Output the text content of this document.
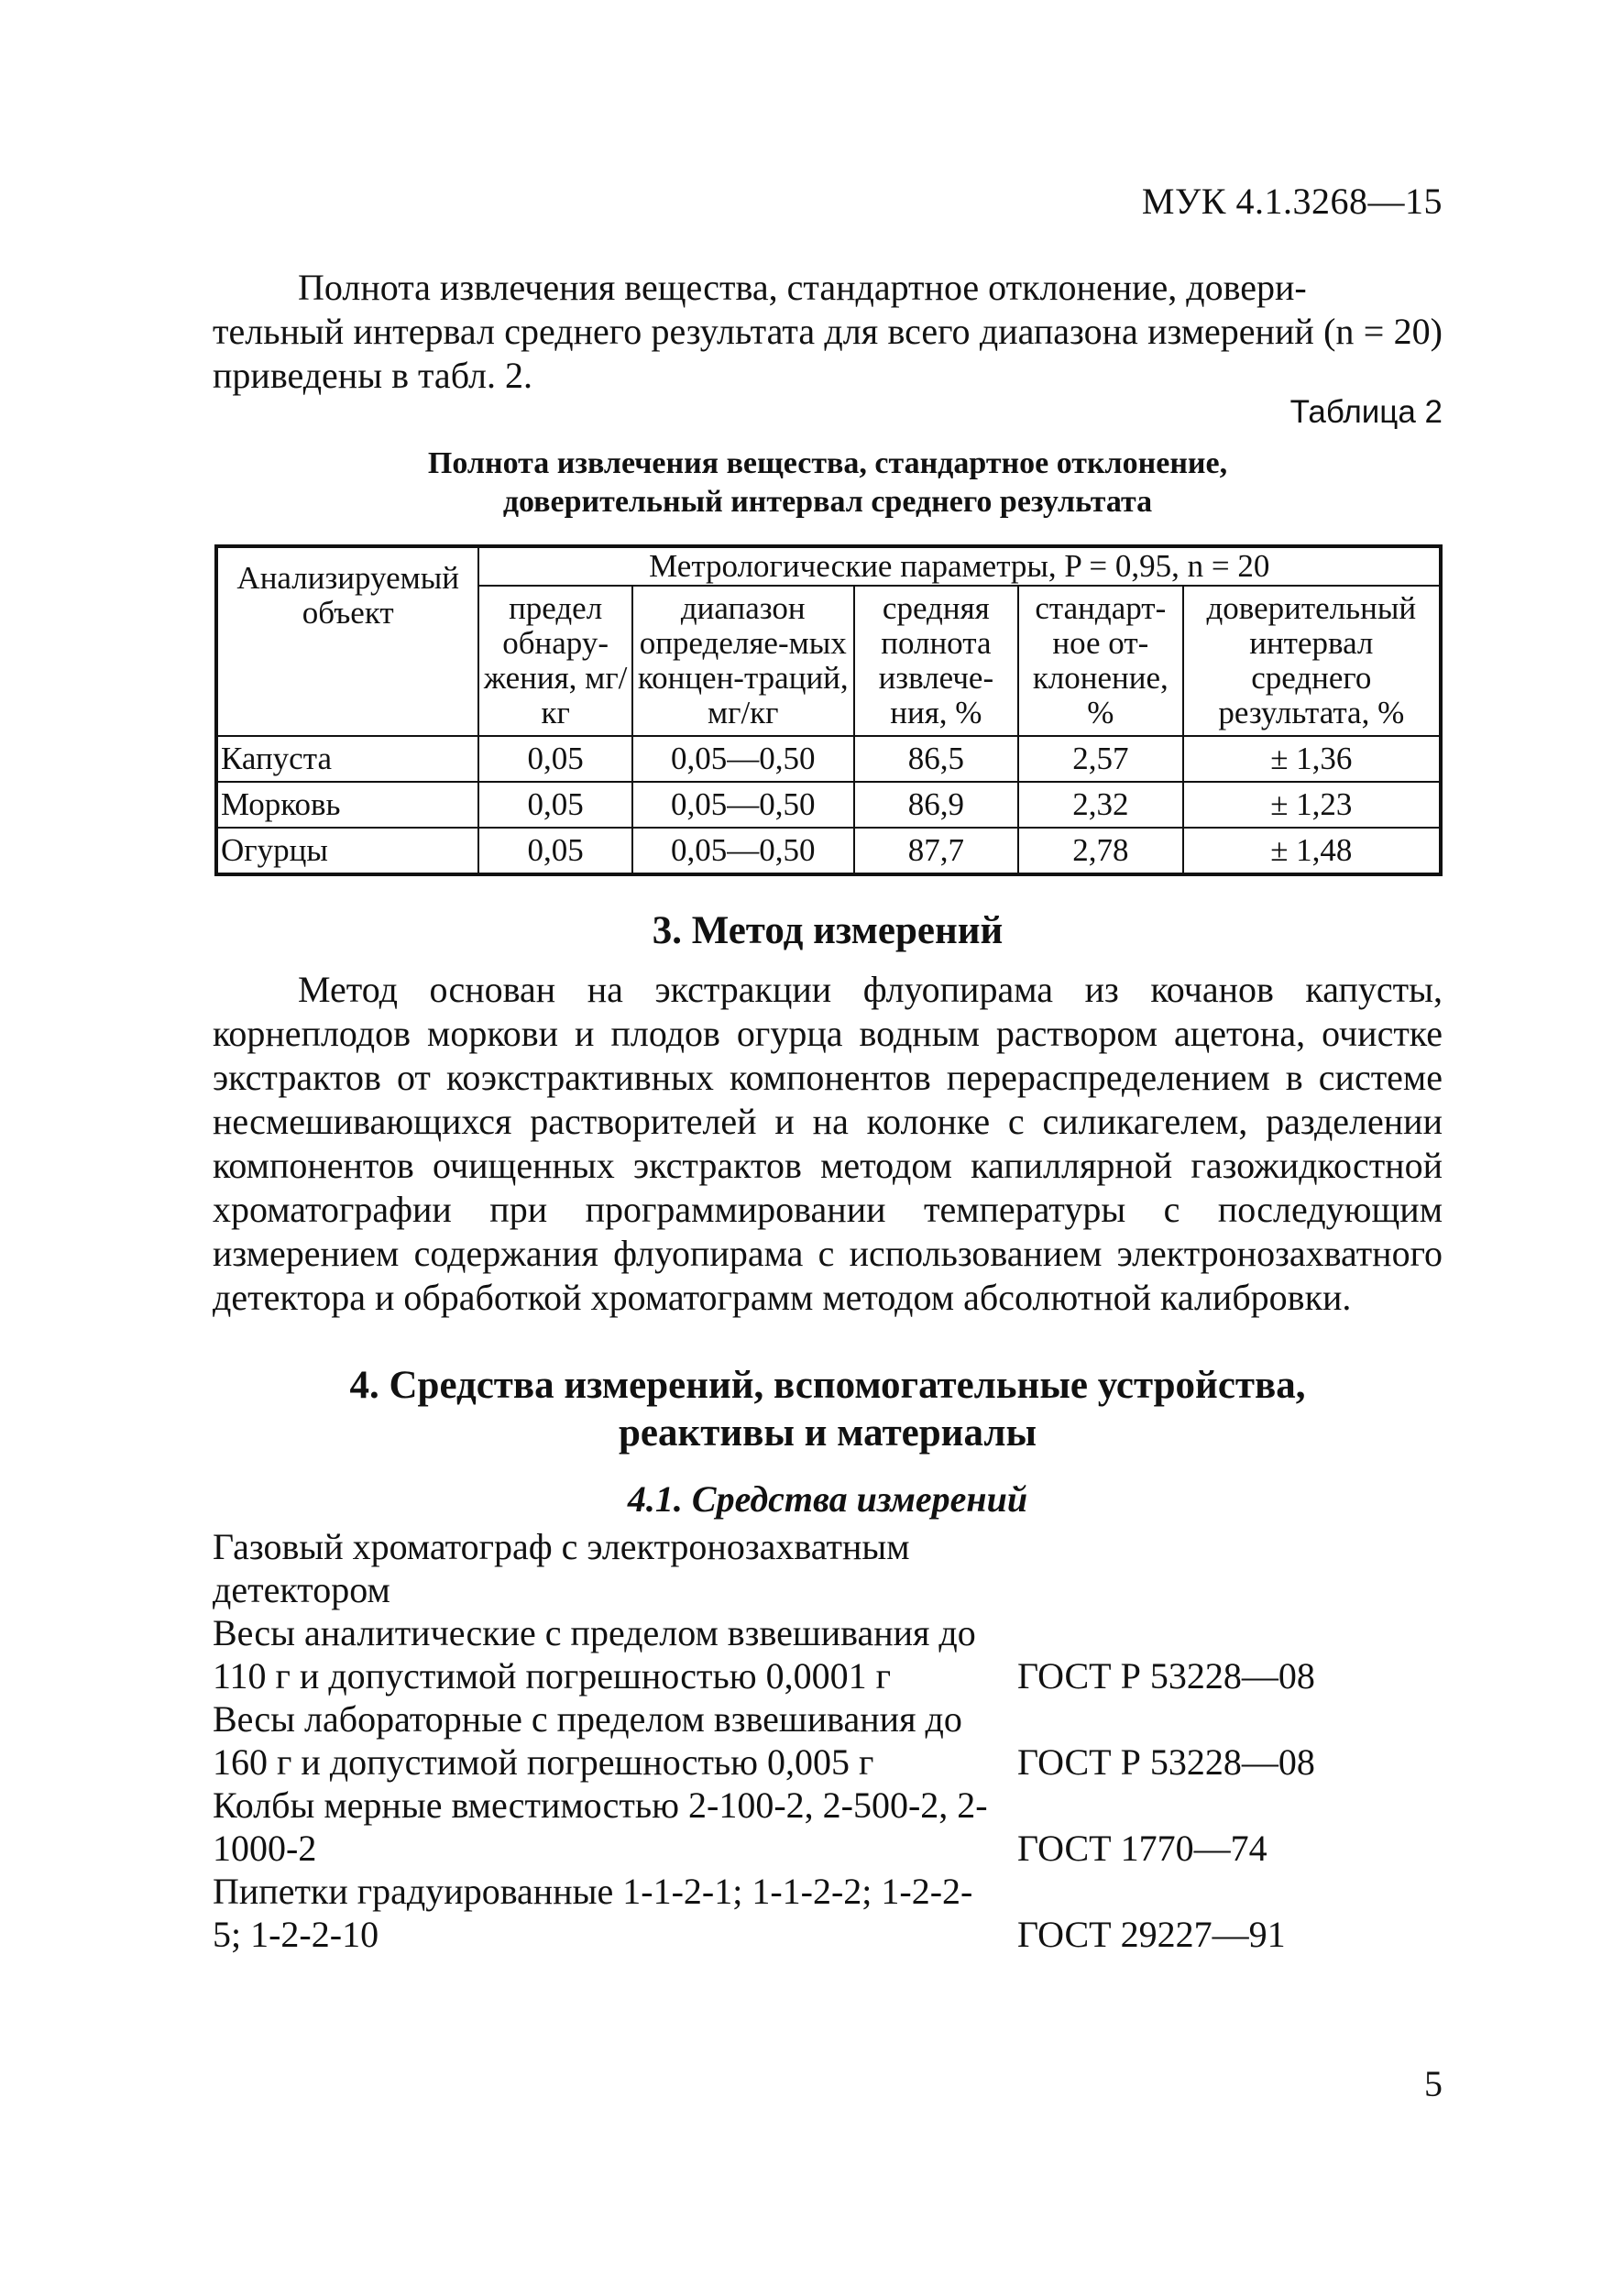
МУК 4.1.3268—15
Полнота извлечения вещества, стандартное отклонение, довери-
тельный интервал среднего результата для всего диапазона измерений (n = 20) приведены в табл. 2.
Таблица 2
Полнота извлечения вещества, стандартное отклонение,
доверительный интервал среднего результата
Анализируемый объект	Метрологические параметры, P = 0,95, n = 20				
	предел обнару-жения, мг/кг	диапазон определяе-мых концен-траций, мг/кг	средняя полнота извлече-ния, %	стандарт-ное от-клонение, %	доверительный интервал среднего результата, %
Капуста	0,05	0,05—0,50	86,5	2,57	± 1,36
Морковь	0,05	0,05—0,50	86,9	2,32	± 1,23
Огурцы	0,05	0,05—0,50	87,7	2,78	± 1,48
3. Метод измерений
Метод основан на экстракции флуопирама из кочанов капусты, корнеплодов моркови и плодов огурца водным раствором ацетона, очистке экстрактов от коэкстрактивных компонентов перераспределением в системе несмешивающихся растворителей и на колонке с силикагелем, разделении компонентов очищенных экстрактов методом капиллярной газожидкостной хроматографии при программировании температуры с последующим измерением содержания флуопирама с использованием электронозахватного детектора и обработкой хроматограмм методом абсолютной калибровки.
4. Средства измерений, вспомогательные устройства,
реактивы и материалы
4.1. Средства измерений
Газовый хроматограф с электронозахватным детектором
Весы аналитические с пределом взвешивания до 110 г и допустимой погрешностью 0,0001 г	ГОСТ Р 53228—08
Весы лабораторные с пределом взвешивания до 160 г и допустимой погрешностью 0,005 г	ГОСТ Р 53228—08
Колбы мерные вместимостью 2-100-2, 2-500-2, 2-1000-2	ГОСТ 1770—74
Пипетки градуированные 1-1-2-1; 1-1-2-2; 1-2-2-5; 1-2-2-10	ГОСТ 29227—91
5
